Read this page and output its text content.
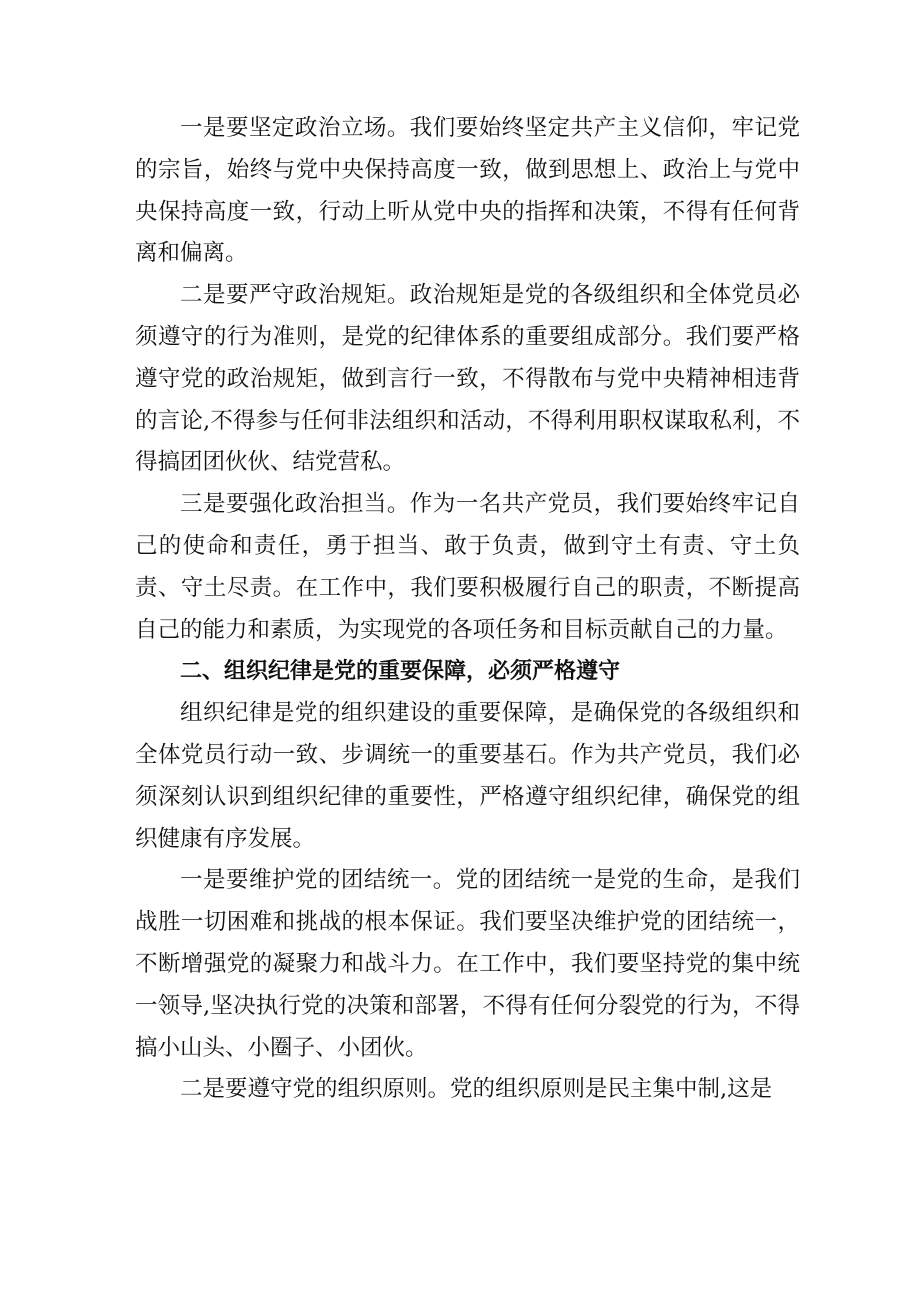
一是要坚定政治立场。我们要始终坚定共产主义信仰，牢记党的宗旨，始终与党中央保持高度一致，做到思想上、政治上与党中央保持高度一致，行动上听从党中央的指挥和决策，不得有任何背离和偏离。

二是要严守政治规矩。政治规矩是党的各级组织和全体党员必须遵守的行为准则，是党的纪律体系的重要组成部分。我们要严格遵守党的政治规矩，做到言行一致，不得散布与党中央精神相违背的言论,不得参与任何非法组织和活动，不得利用职权谋取私利，不得搞团团伙伙、结党营私。

三是要强化政治担当。作为一名共产党员，我们要始终牢记自己的使命和责任，勇于担当、敢于负责，做到守土有责、守土负责、守土尽责。在工作中，我们要积极履行自己的职责，不断提高自己的能力和素质，为实现党的各项任务和目标贡献自己的力量。

二、组织纪律是党的重要保障，必须严格遵守

组织纪律是党的组织建设的重要保障，是确保党的各级组织和全体党员行动一致、步调统一的重要基石。作为共产党员，我们必须深刻认识到组织纪律的重要性，严格遵守组织纪律，确保党的组织健康有序发展。

一是要维护党的团结统一。党的团结统一是党的生命，是我们战胜一切困难和挑战的根本保证。我们要坚决维护党的团结统一，不断增强党的凝聚力和战斗力。在工作中，我们要坚持党的集中统一领导,坚决执行党的决策和部署，不得有任何分裂党的行为，不得搞小山头、小圈子、小团伙。

二是要遵守党的组织原则。党的组织原则是民主集中制,这是
